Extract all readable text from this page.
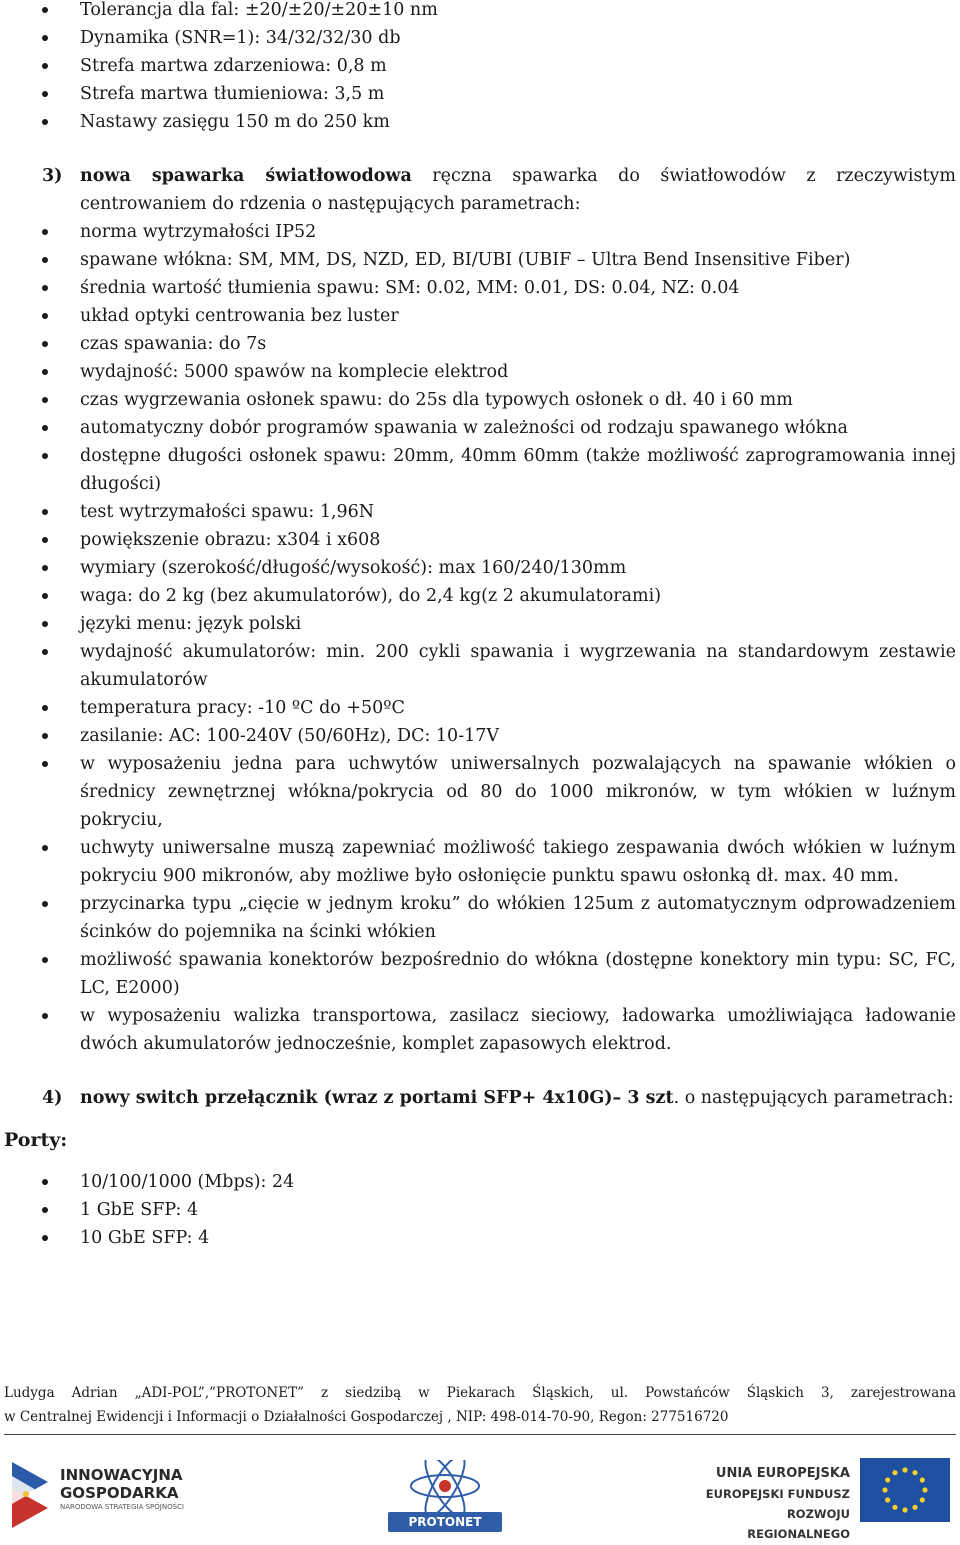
Tolerancja dla fal: ±20/±20/±20±10 nm
Dynamika (SNR=1): 34/32/32/30 db
Strefa martwa zdarzeniowa: 0,8 m
Strefa martwa tłumieniowa: 3,5 m
Nastawy zasięgu 150 m do 250 km
3) nowa spawarka światłowodowa ręczna spawarka do światłowodów z rzeczywistym centrowaniem do rdzenia o następujących parametrach:
norma wytrzymałości IP52
spawane włókna: SM, MM, DS, NZD, ED, BI/UBI (UBIF – Ultra Bend Insensitive Fiber)
średnia wartość tłumienia spawu: SM: 0.02, MM: 0.01, DS: 0.04, NZ: 0.04
układ optyki centrowania bez luster
czas spawania: do 7s
wydajność: 5000 spawów na komplecie elektrod
czas wygrzewania osłonek spawu: do 25s dla typowych osłonek o dł. 40 i 60 mm
automatyczny dobór programów spawania w zależności od rodzaju spawanego włókna
dostępne długości osłonek spawu: 20mm, 40mm 60mm (także możliwość zaprogramowania innej długości)
test wytrzymałości spawu: 1,96N
powiększenie obrazu: x304 i x608
wymiary (szerokość/długość/wysokość): max 160/240/130mm
waga: do 2 kg (bez akumulatorów), do 2,4 kg(z 2 akumulatorami)
języki menu: język polski
wydajność akumulatorów: min. 200 cykli spawania i wygrzewania na standardowym zestawie akumulatorów
temperatura pracy: -10 ºC do +50ºC
zasilanie: AC: 100-240V (50/60Hz), DC: 10-17V
w wyposażeniu jedna para uchwytów uniwersalnych pozwalających na spawanie włókien o średnicy zewnętrznej włókna/pokrycia od 80 do 1000 mikronów, w tym włókien w luźnym pokryciu,
uchwyty uniwersalne muszą zapewniać możliwość takiego zespawania dwóch włókien w luźnym pokryciu 900 mikronów, aby możliwe było osłonięcie punktu spawu osłonką dł. max. 40 mm.
przycinarka typu „cięcie w jednym kroku” do włókien 125um z automatycznym odprowadzeniem ścinków do pojemnika na ścinki włókien
możliwość spawania konektorów bezpośrednio do włókna (dostępne konektory min typu: SC, FC, LC, E2000)
w wyposażeniu walizka transportowa, zasilacz sieciowy, ładowarka umożliwiająca ładowanie dwóch akumulatorów jednocześnie, komplet zapasowych elektrod.
4) nowy switch przełącznik (wraz z portami SFP+ 4x10G)– 3 szt. o następujących parametrach:
Porty:
10/100/1000 (Mbps): 24
1 GbE SFP: 4
10 GbE SFP: 4
Ludyga Adrian „ADI-POL”,”PROTONET” z siedzibą w Piekarach Śląskich, ul. Powstańców Śląskich 3, zarejestrowana
w Centralnej Ewidencji i Informacji o Działalności Gospodarczej , NIP: 498-014-70-90, Regon: 277516720
INNOWACYJNA
GOSPODARKA
NARODOWA STRATEGIA SPÓJNOŚCI
PROTONET
UNIA EUROPEJSKA
EUROPEJSKI FUNDUSZ
ROZWOJU REGIONALNEGO
